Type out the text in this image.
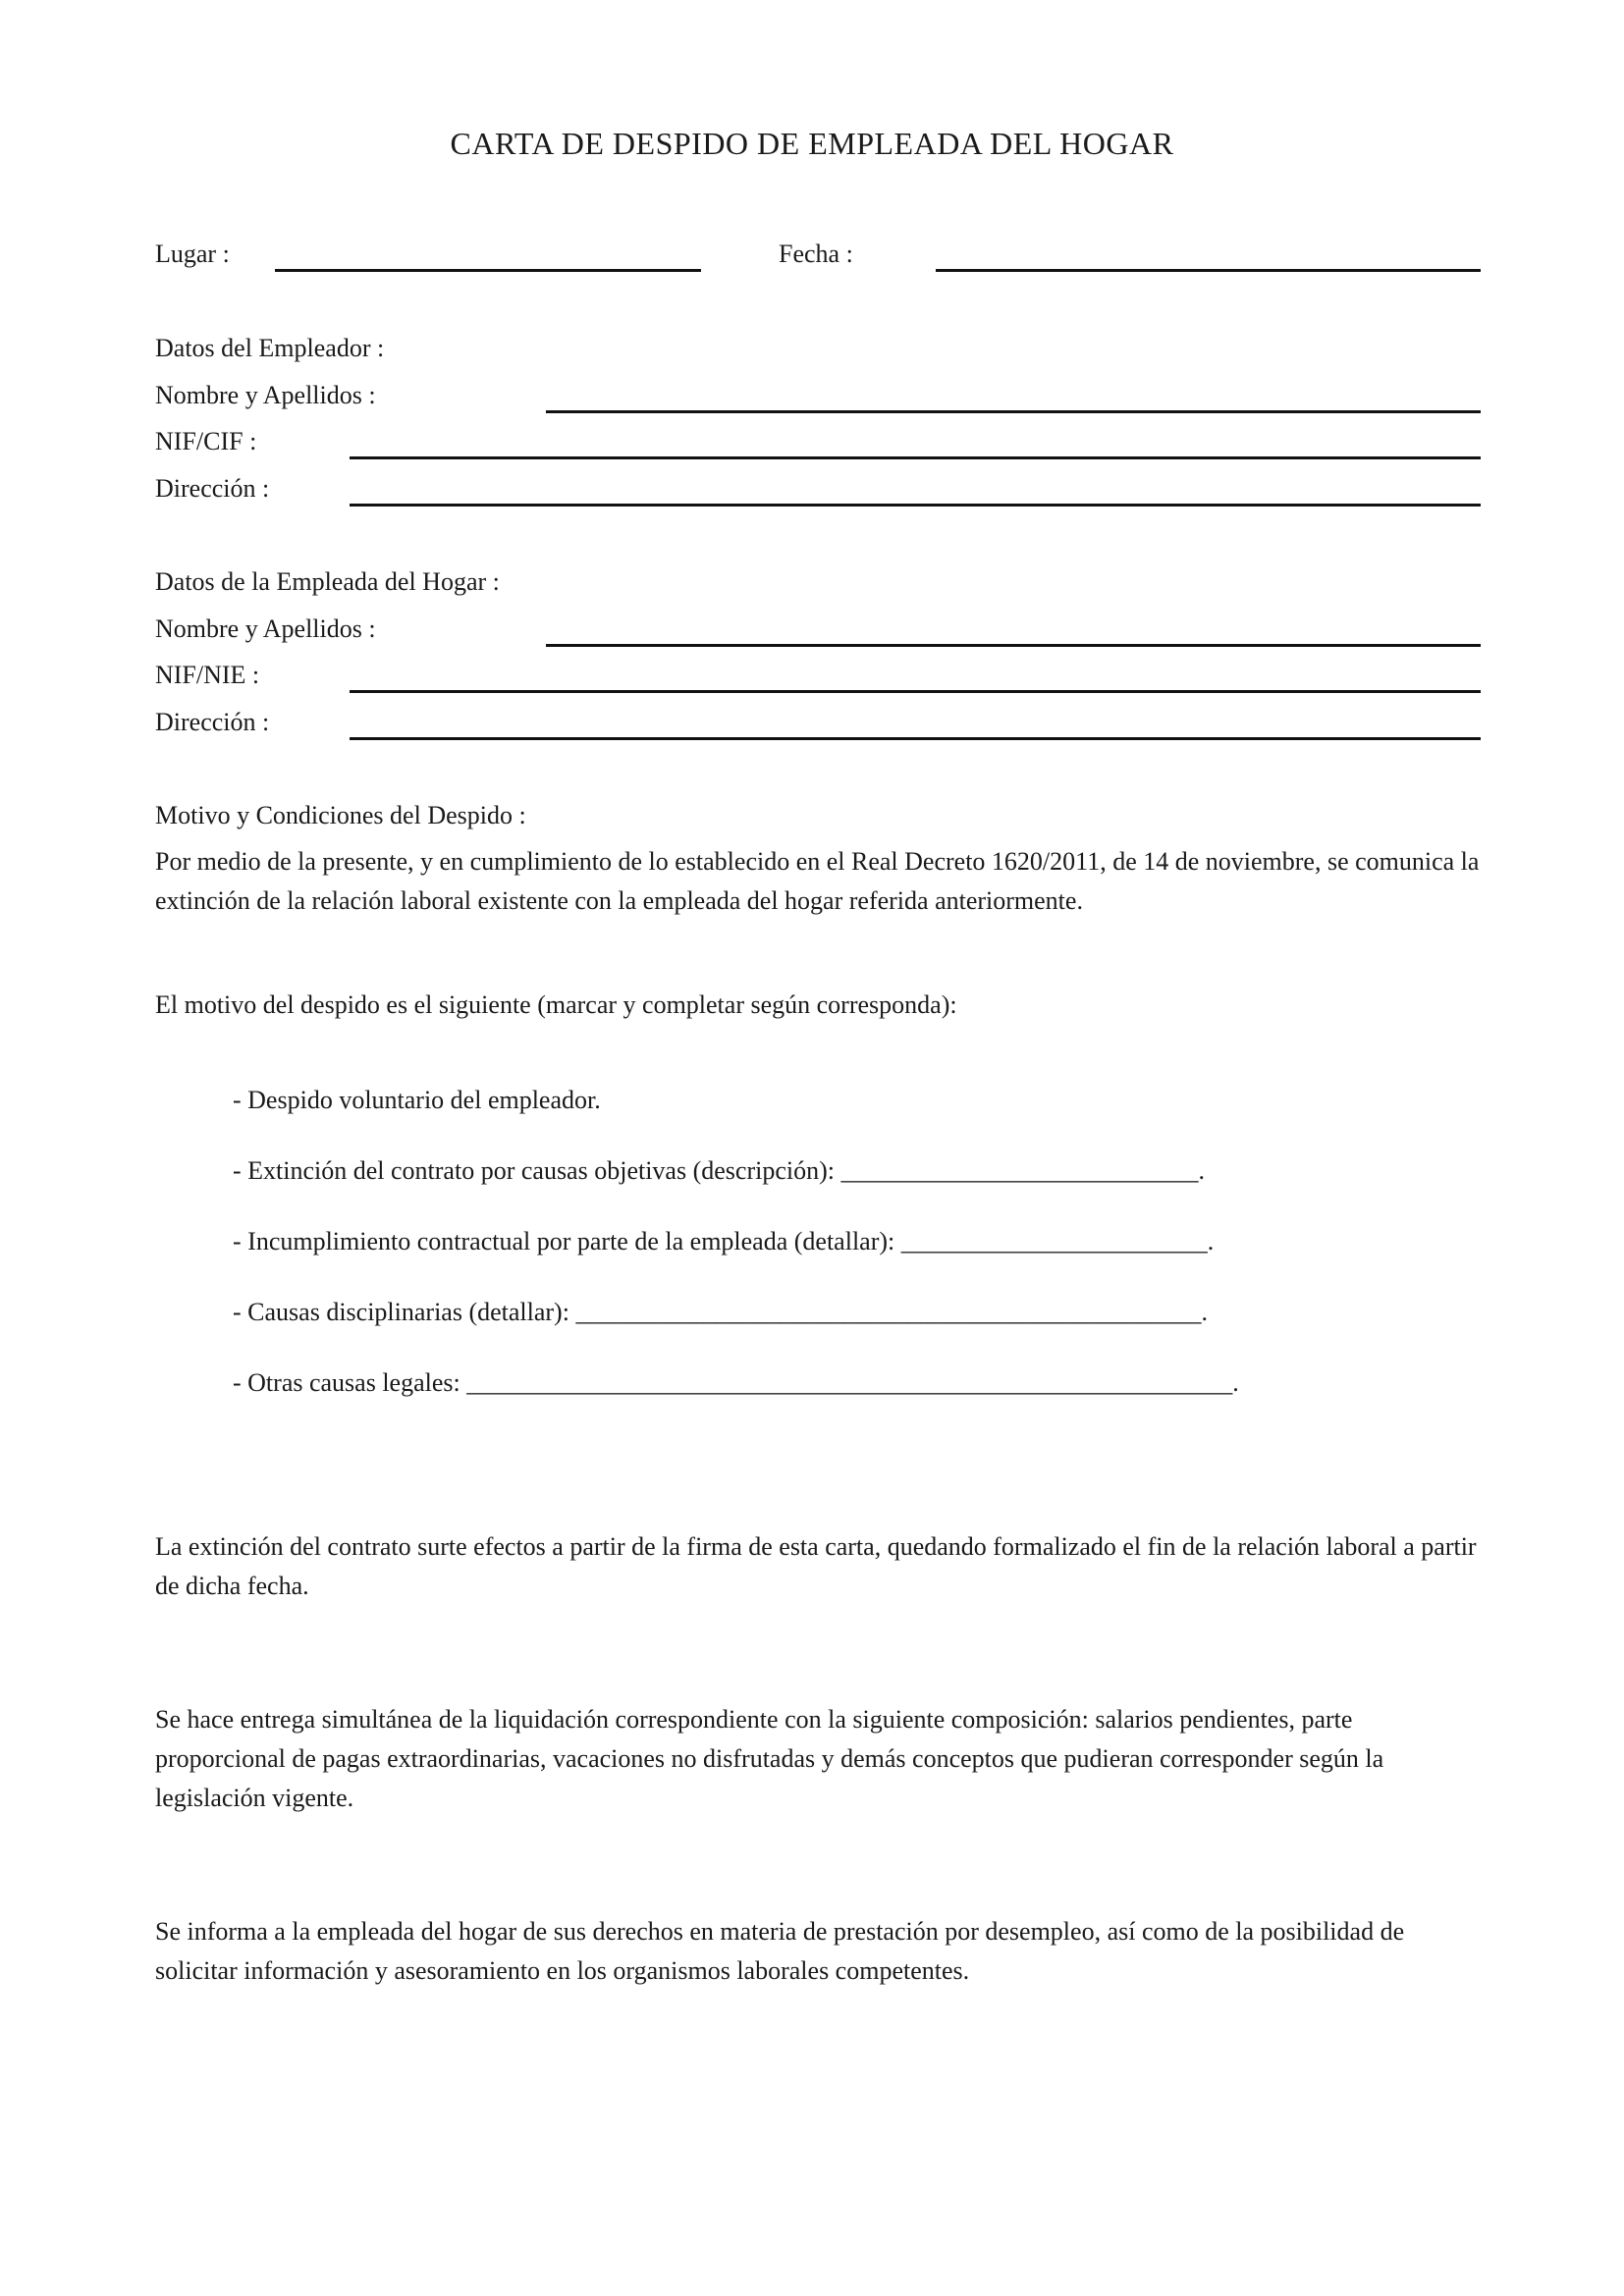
CARTA DE DESPIDO DE EMPLEADA DEL HOGAR
Lugar :	Fecha :
Datos del Empleador :
Nombre y Apellidos :
NIF/CIF :
Dirección :
Datos de la Empleada del Hogar :
Nombre y Apellidos :
NIF/NIE :
Dirección :
Motivo y Condiciones del Despido :
Por medio de la presente, y en cumplimiento de lo establecido en el Real Decreto 1620/2011, de 14 de noviembre, se comunica la extinción de la relación laboral existente con la empleada del hogar referida anteriormente.
El motivo del despido es el siguiente (marcar y completar según corresponda):
- Despido voluntario del empleador.
- Extinción del contrato por causas objetivas (descripción): ____________________________.
- Incumplimiento contractual por parte de la empleada (detallar): ________________________.
- Causas disciplinarias (detallar): _________________________________________________.
- Otras causas legales: ____________________________________________________________.
La extinción del contrato surte efectos a partir de la firma de esta carta, quedando formalizado el fin de la relación laboral a partir de dicha fecha.
Se hace entrega simultánea de la liquidación correspondiente con la siguiente composición: salarios pendientes, parte proporcional de pagas extraordinarias, vacaciones no disfrutadas y demás conceptos que pudieran corresponder según la legislación vigente.
Se informa a la empleada del hogar de sus derechos en materia de prestación por desempleo, así como de la posibilidad de solicitar información y asesoramiento en los organismos laborales competentes.
